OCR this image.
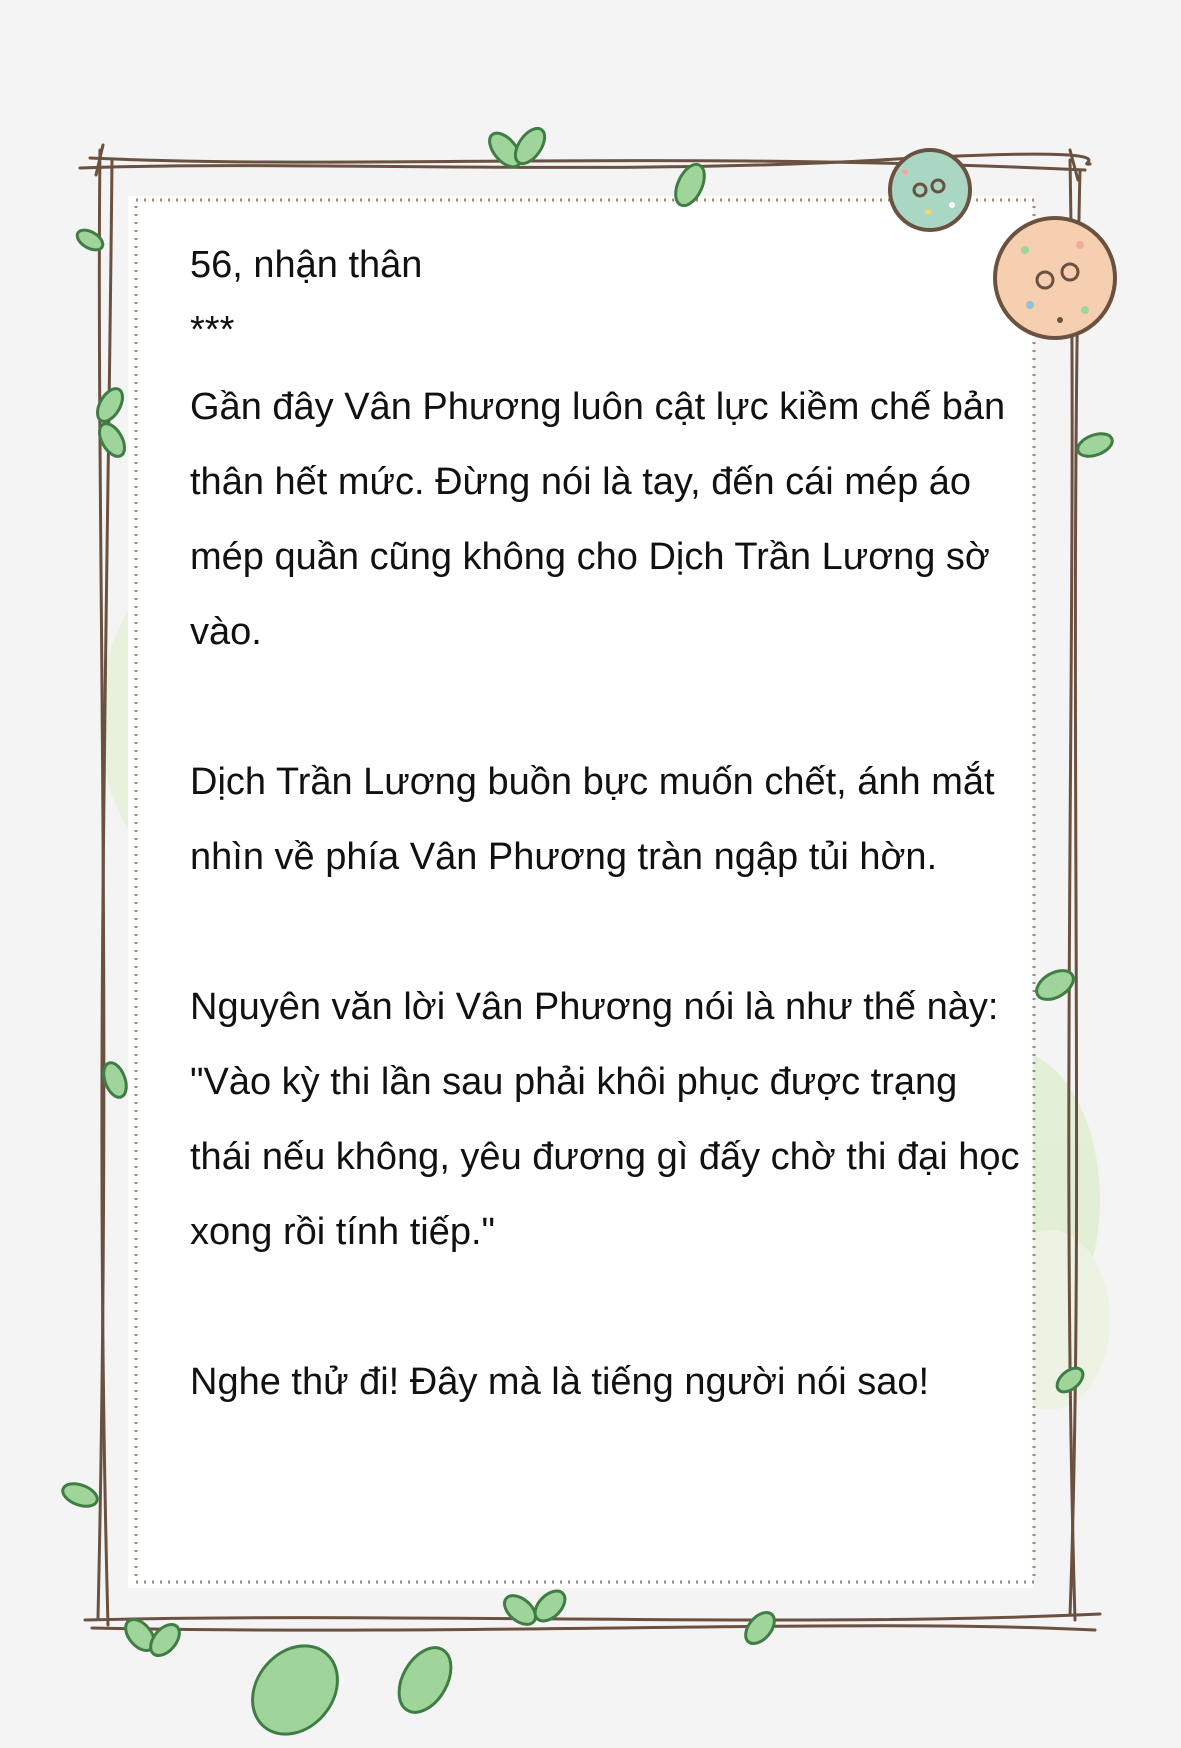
56, nhận thân

***

Gần đây Vân Phương luôn cật lực kiềm chế bản thân hết mức. Đừng nói là tay, đến cái mép áo mép quần cũng không cho Dịch Trần Lương sờ vào.

Dịch Trần Lương buồn bực muốn chết, ánh mắt nhìn về phía Vân Phương tràn ngập tủi hờn.

Nguyên văn lời Vân Phương nói là như thế này: "Vào kỳ thi lần sau phải khôi phục được trạng thái nếu không, yêu đương gì đấy chờ thi đại học xong rồi tính tiếp."

Nghe thử đi! Đây mà là tiếng người nói sao!
